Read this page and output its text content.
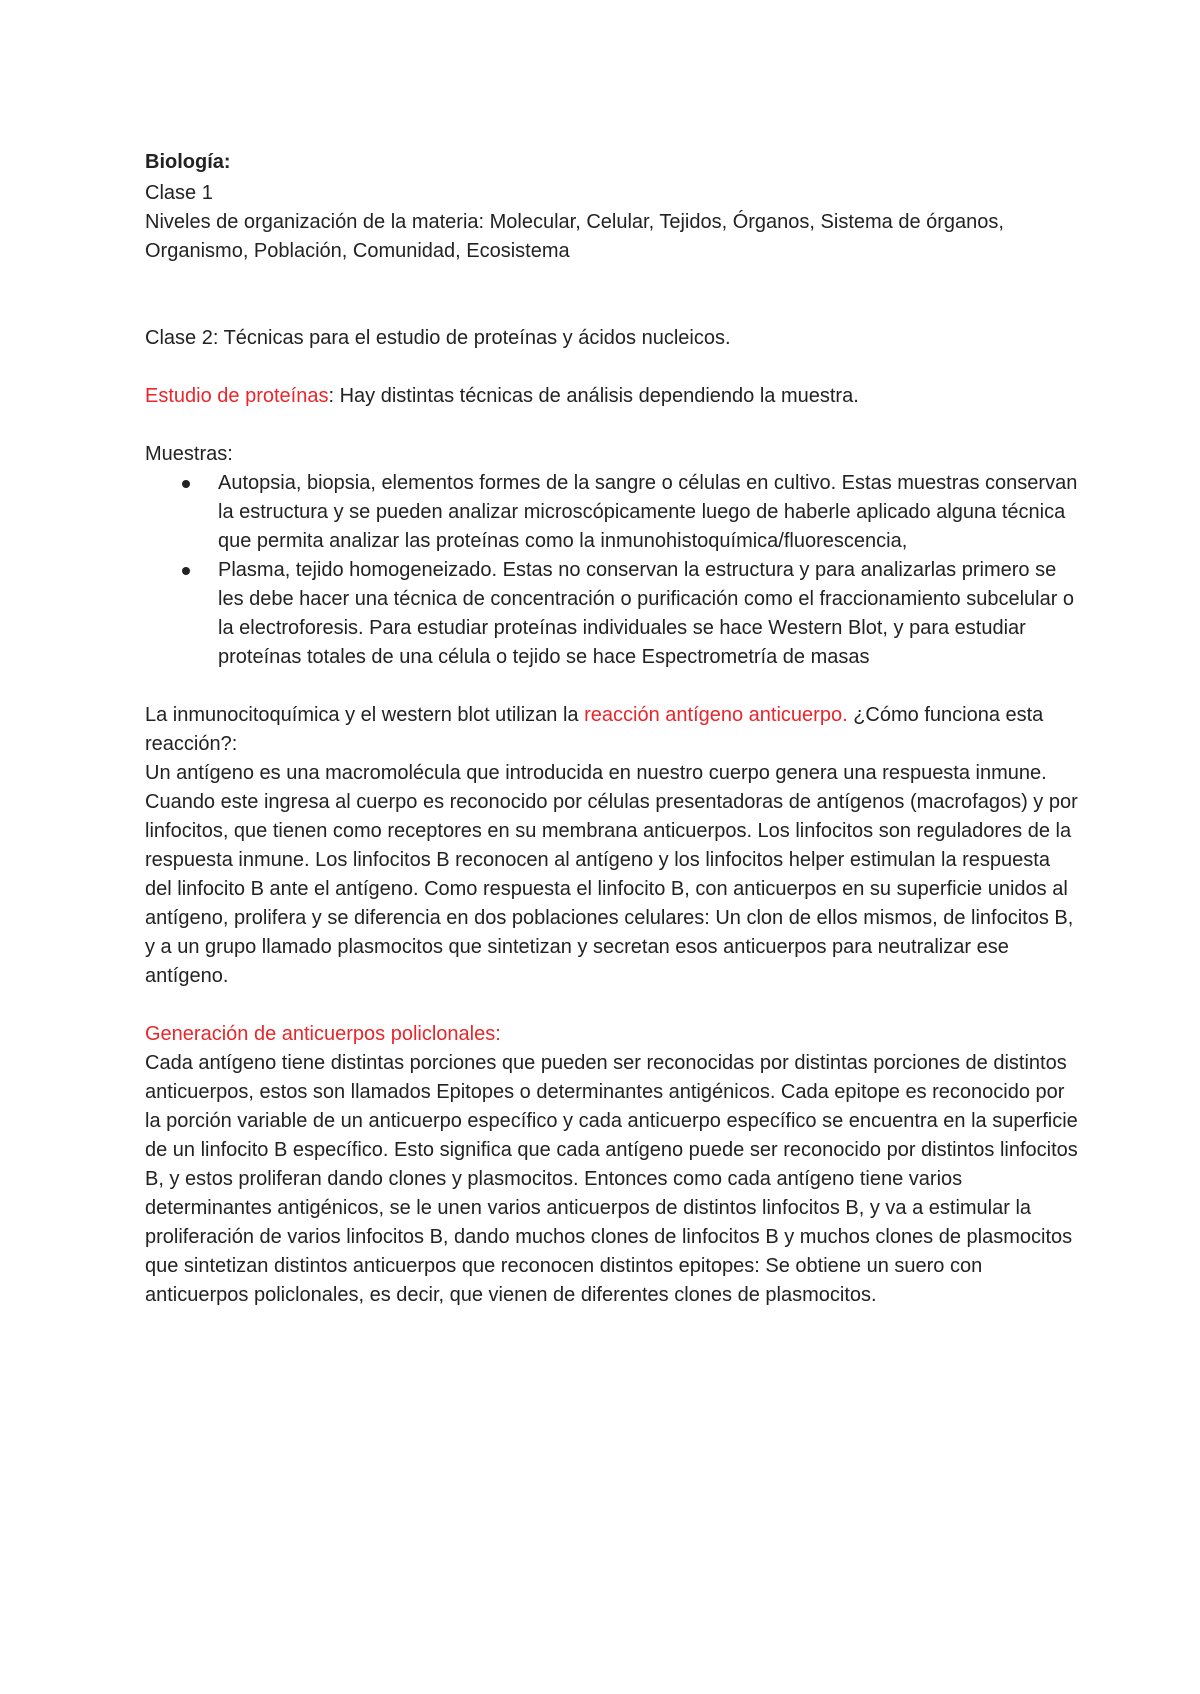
Biología:

Clase 1

Niveles de organización de la materia: Molecular, Celular, Tejidos, Órganos, Sistema de órganos, Organismo, Población, Comunidad, Ecosistema

Clase 2: Técnicas para el estudio de proteínas y ácidos nucleicos.

Estudio de proteínas: Hay distintas técnicas de análisis dependiendo la muestra.

Muestras:

Autopsia, biopsia, elementos formes de la sangre o células en cultivo. Estas muestras conservan la estructura y se pueden analizar microscópicamente luego de haberle aplicado alguna técnica que permita analizar las proteínas como la inmunohistoquímica/fluorescencia,
Plasma, tejido homogeneizado. Estas no conservan la estructura y para analizarlas primero se les debe hacer una técnica de concentración o purificación como el fraccionamiento subcelular o la electroforesis. Para estudiar proteínas individuales se hace Western Blot, y para estudiar proteínas totales de una célula o tejido se hace Espectrometría de masas

La inmunocitoquímica y el western blot utilizan la reacción antígeno anticuerpo. ¿Cómo funciona esta reacción?:

Un antígeno es una macromolécula que introducida en nuestro cuerpo genera una respuesta inmune. Cuando este ingresa al cuerpo es reconocido por células presentadoras de antígenos (macrofagos) y por linfocitos, que tienen como receptores en su membrana anticuerpos. Los linfocitos son reguladores de la respuesta inmune. Los linfocitos B reconocen al antígeno y los linfocitos helper estimulan la respuesta del linfocito B ante el antígeno. Como respuesta el linfocito B, con anticuerpos en su superficie unidos al antígeno, prolifera y se diferencia en dos poblaciones celulares: Un clon de ellos mismos, de linfocitos B, y a un grupo llamado plasmocitos que sintetizan y secretan esos anticuerpos para neutralizar ese antígeno.

Generación de anticuerpos policlonales:

Cada antígeno tiene distintas porciones que pueden ser reconocidas por distintas porciones de distintos anticuerpos, estos son llamados Epitopes o determinantes antigénicos. Cada epitope es reconocido por la porción variable de un anticuerpo específico y cada anticuerpo específico se encuentra en la superficie de un linfocito B específico. Esto significa que cada antígeno puede ser reconocido por distintos linfocitos B, y estos proliferan dando clones y plasmocitos. Entonces como cada antígeno tiene varios determinantes antigénicos, se le unen varios anticuerpos de distintos linfocitos B, y va a estimular la proliferación de varios linfocitos B, dando muchos clones de linfocitos B y muchos clones de plasmocitos que sintetizan distintos anticuerpos que reconocen distintos epitopes: Se obtiene un suero con anticuerpos policlonales, es decir, que vienen de diferentes clones de plasmocitos.
